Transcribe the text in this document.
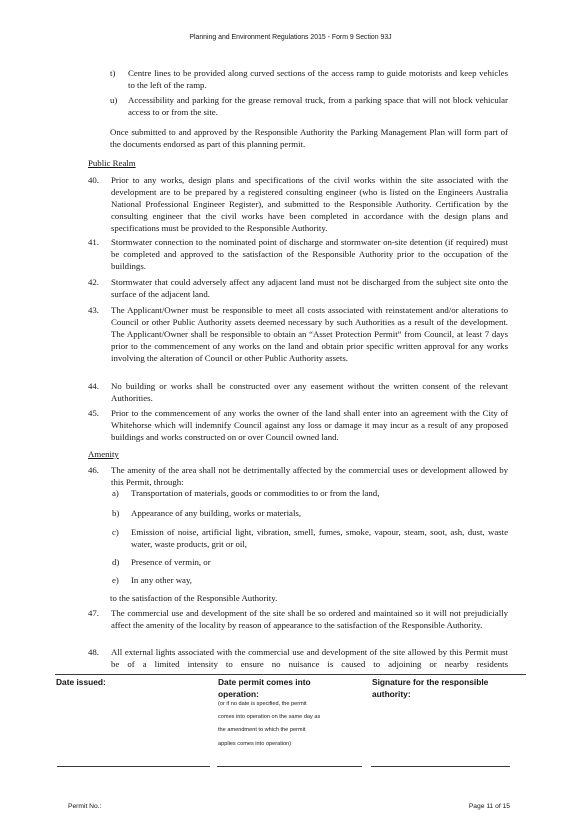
Planning and Environment Regulations 2015 - Form 9 Section 93J
t) Centre lines to be provided along curved sections of the access ramp to guide motorists and keep vehicles to the left of the ramp.
u) Accessibility and parking for the grease removal truck, from a parking space that will not block vehicular access to or from the site.
Once submitted to and approved by the Responsible Authority the Parking Management Plan will form part of the documents endorsed as part of this planning permit.
Public Realm
40. Prior to any works, design plans and specifications of the civil works within the site associated with the development are to be prepared by a registered consulting engineer (who is listed on the Engineers Australia National Professional Engineer Register), and submitted to the Responsible Authority. Certification by the consulting engineer that the civil works have been completed in accordance with the design plans and specifications must be provided to the Responsible Authority.
41. Stormwater connection to the nominated point of discharge and stormwater on-site detention (if required) must be completed and approved to the satisfaction of the Responsible Authority prior to the occupation of the buildings.
42. Stormwater that could adversely affect any adjacent land must not be discharged from the subject site onto the surface of the adjacent land.
43. The Applicant/Owner must be responsible to meet all costs associated with reinstatement and/or alterations to Council or other Public Authority assets deemed necessary by such Authorities as a result of the development. The Applicant/Owner shall be responsible to obtain an “Asset Protection Permit” from Council, at least 7 days prior to the commencement of any works on the land and obtain prior specific written approval for any works involving the alteration of Council or other Public Authority assets.
44. No building or works shall be constructed over any easement without the written consent of the relevant Authorities.
45. Prior to the commencement of any works the owner of the land shall enter into an agreement with the City of Whitehorse which will indemnify Council against any loss or damage it may incur as a result of any proposed buildings and works constructed on or over Council owned land.
Amenity
46. The amenity of the area shall not be detrimentally affected by the commercial uses or development allowed by this Permit, through:
a) Transportation of materials, goods or commodities to or from the land,
b) Appearance of any building, works or materials,
c) Emission of noise, artificial light, vibration, smell, fumes, smoke, vapour, steam, soot, ash, dust, waste water, waste products, grit or oil,
d) Presence of vermin, or
e) In any other way,
to the satisfaction of the Responsible Authority.
47. The commercial use and development of the site shall be so ordered and maintained so it will not prejudicially affect the amenity of the locality by reason of appearance to the satisfaction of the Responsible Authority.
48. All external lights associated with the commercial use and development of the site allowed by this Permit must be of a limited intensity to ensure no nuisance is caused to adjoining or nearby residents
Date issued:	Date permit comes into operation:
Signature for the responsible authority:
(or if no date is specified, the permit
comes into operation on the same day as
the amendment to which the permit
applies comes into operation)
Permit No.:	Page 11 of 15
